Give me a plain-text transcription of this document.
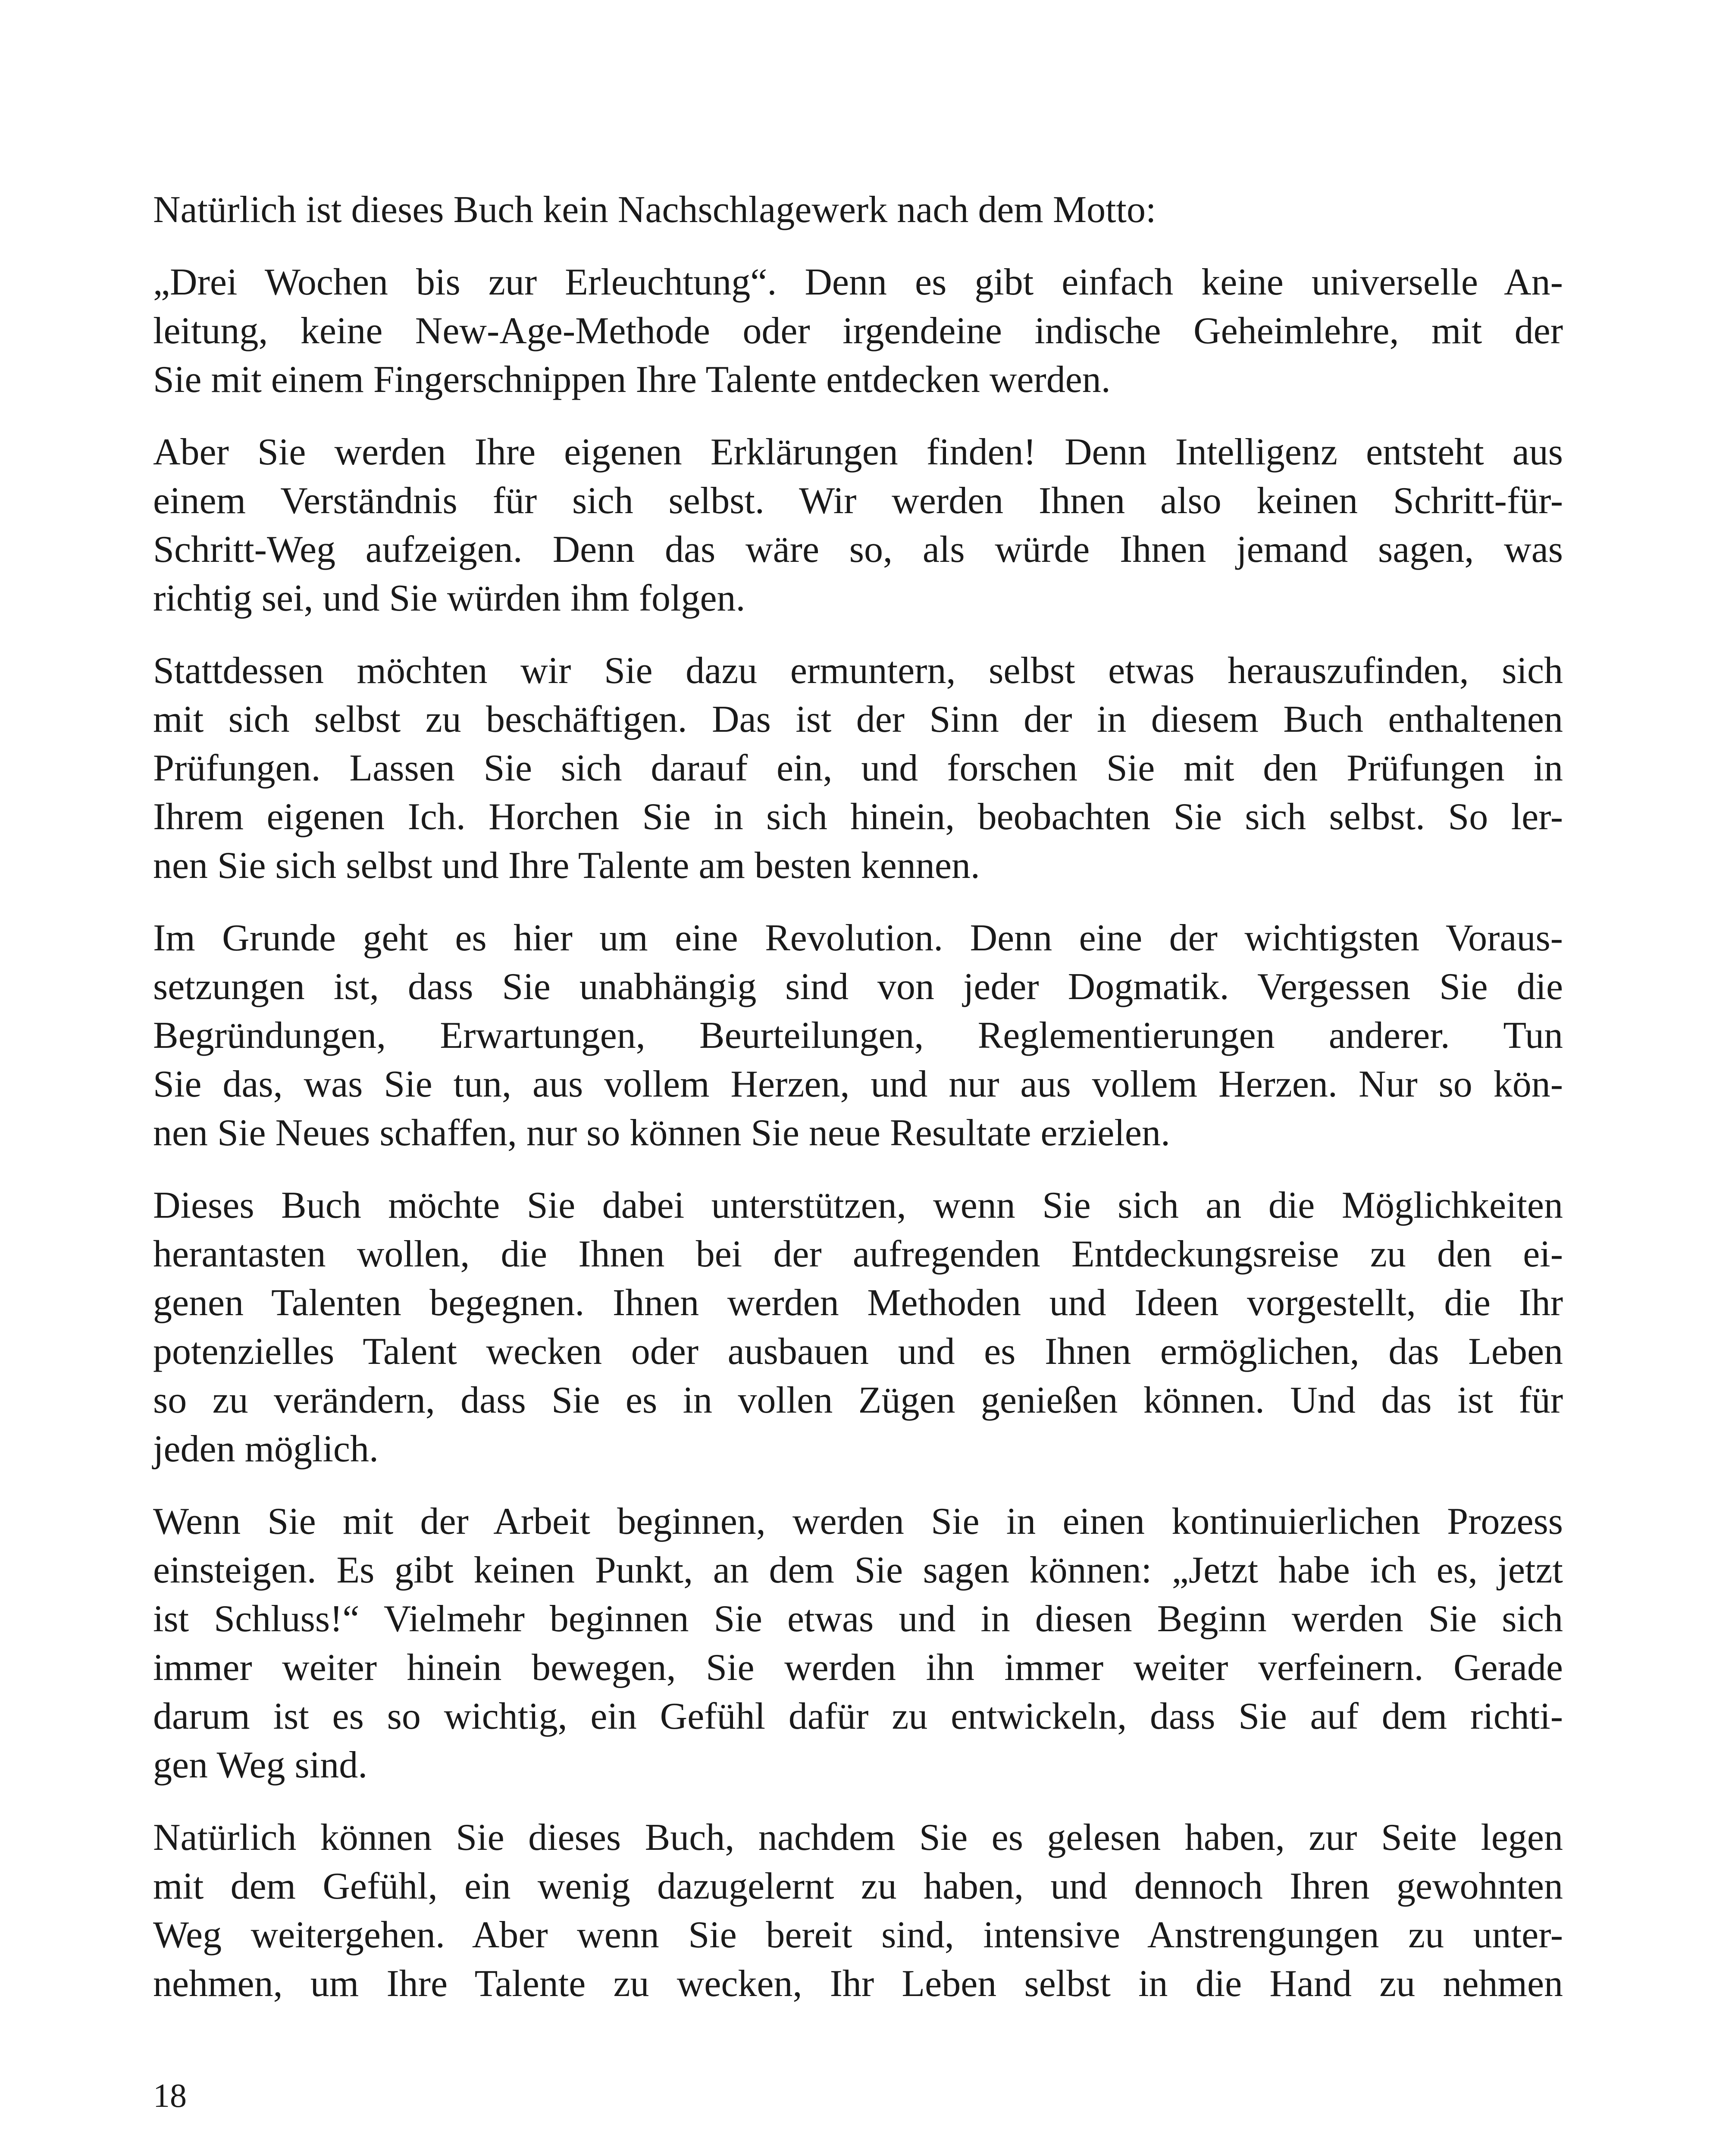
Natürlich ist dieses Buch kein Nachschlagewerk nach dem Motto:

„Drei Wochen bis zur Erleuchtung“. Denn es gibt einfach keine universelle An-
leitung, keine New-Age-Methode oder irgendeine indische Geheimlehre, mit der
Sie mit einem Fingerschnippen Ihre Talente entdecken werden.

Aber Sie werden Ihre eigenen Erklärungen finden! Denn Intelligenz entsteht aus
einem Verständnis für sich selbst. Wir werden Ihnen also keinen Schritt-für-
Schritt-Weg aufzeigen. Denn das wäre so, als würde Ihnen jemand sagen, was
richtig sei, und Sie würden ihm folgen.

Stattdessen möchten wir Sie dazu ermuntern, selbst etwas herauszufinden, sich
mit sich selbst zu beschäftigen. Das ist der Sinn der in diesem Buch enthaltenen
Prüfungen. Lassen Sie sich darauf ein, und forschen Sie mit den Prüfungen in
Ihrem eigenen Ich. Horchen Sie in sich hinein, beobachten Sie sich selbst. So ler-
nen Sie sich selbst und Ihre Talente am besten kennen.

Im Grunde geht es hier um eine Revolution. Denn eine der wichtigsten Voraus-
setzungen ist, dass Sie unabhängig sind von jeder Dogmatik. Vergessen Sie die
Begründungen, Erwartungen, Beurteilungen, Reglementierungen anderer. Tun
Sie das, was Sie tun, aus vollem Herzen, und nur aus vollem Herzen. Nur so kön-
nen Sie Neues schaffen, nur so können Sie neue Resultate erzielen.

Dieses Buch möchte Sie dabei unterstützen, wenn Sie sich an die Möglichkeiten
herantasten wollen, die Ihnen bei der aufregenden Entdeckungsreise zu den ei-
genen Talenten begegnen. Ihnen werden Methoden und Ideen vorgestellt, die Ihr
potenzielles Talent wecken oder ausbauen und es Ihnen ermöglichen, das Leben
so zu verändern, dass Sie es in vollen Zügen genießen können. Und das ist für
jeden möglich.

Wenn Sie mit der Arbeit beginnen, werden Sie in einen kontinuierlichen Prozess
einsteigen. Es gibt keinen Punkt, an dem Sie sagen können: „Jetzt habe ich es, jetzt
ist Schluss!“ Vielmehr beginnen Sie etwas und in diesen Beginn werden Sie sich
immer weiter hinein bewegen, Sie werden ihn immer weiter verfeinern. Gerade
darum ist es so wichtig, ein Gefühl dafür zu entwickeln, dass Sie auf dem richti-
gen Weg sind.

Natürlich können Sie dieses Buch, nachdem Sie es gelesen haben, zur Seite legen
mit dem Gefühl, ein wenig dazugelernt zu haben, und dennoch Ihren gewohnten
Weg weitergehen. Aber wenn Sie bereit sind, intensive Anstrengungen zu unter-
nehmen, um Ihre Talente zu wecken, Ihr Leben selbst in die Hand zu nehmen

18
